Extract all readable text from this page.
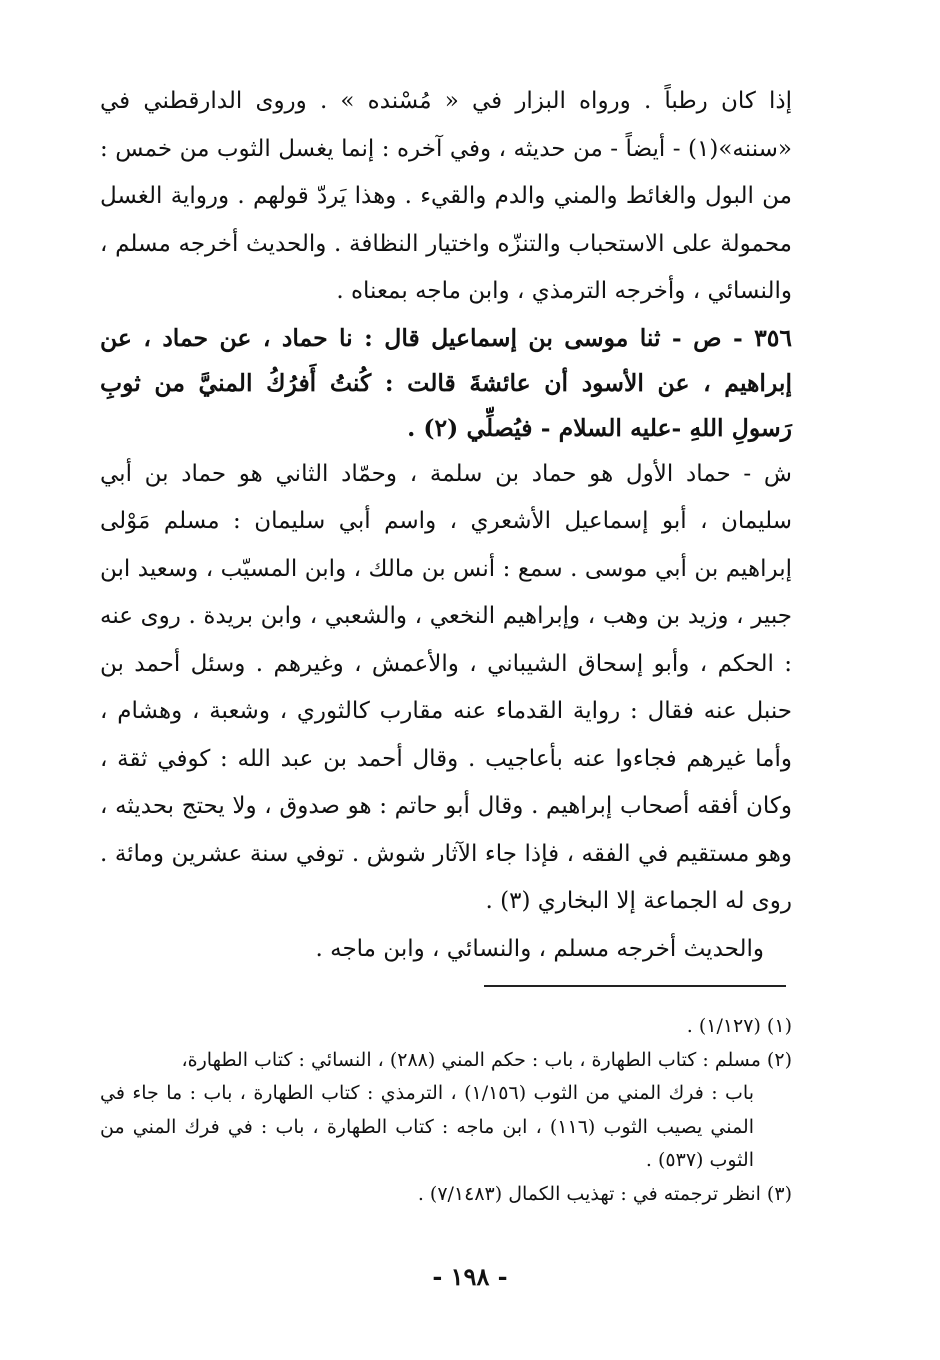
إذا كان رطباً . ورواه البزار في « مُسْنده » . وروى الدارقطني في «سننه»(١) - أيضاً - من حديثه ، وفي آخره : إنما يغسل الثوب من خمس : من البول والغائط والمني والدم والقيء . وهذا يَردّ قولهم . ورواية الغسل محمولة على الاستحباب والتنزّه واختيار النظافة . والحديث أخرجه مسلم ، والنسائي ، وأخرجه الترمذي ، وابن ماجه بمعناه .

٣٥٦ - ص - ثنا موسى بن إسماعيل قال : نا حماد ، عن حماد ، عن إبراهيم ، عن الأسود أن عائشةَ قالت : كُنتُ أَفرُكُ المنيَّ من ثوبِ رَسولِ اللهِ -عليه السلام - فيُصلِّي (٢) .

ش - حماد الأول هو حماد بن سلمة ، وحمّاد الثاني هو حماد بن أبي سليمان ، أبو إسماعيل الأشعري ، واسم أبي سليمان : مسلم مَوْلى إبراهيم بن أبي موسى . سمع : أنس بن مالك ، وابن المسيّب ، وسعيد ابن جبير ، وزيد بن وهب ، وإبراهيم النخعي ، والشعبي ، وابن بريدة . روى عنه : الحكم ، وأبو إسحاق الشيباني ، والأعمش ، وغيرهم . وسئل أحمد بن حنبل عنه فقال : رواية القدماء عنه مقارب كالثوري ، وشعبة ، وهشام ، وأما غيرهم فجاءوا عنه بأعاجيب . وقال أحمد بن عبد الله : كوفي ثقة ، وكان أفقه أصحاب إبراهيم . وقال أبو حاتم : هو صدوق ، ولا يحتج بحديثه ، وهو مستقيم في الفقه ، فإذا جاء الآثار شوش . توفي سنة عشرين ومائة . روى له الجماعة إلا البخاري (٣) .

والحديث أخرجه مسلم ، والنسائي ، وابن ماجه .

(١) (١/١٢٧) .

(٢) مسلم : كتاب الطهارة ، باب : حكم المني (٢٨٨) ، النسائي : كتاب الطهارة،

باب : فرك المني من الثوب (١/١٥٦) ، الترمذي : كتاب الطهارة ، باب : ما جاء في المني يصيب الثوب (١١٦) ، ابن ماجه : كتاب الطهارة ، باب : في فرك المني من الثوب (٥٣٧) .

(٣) انظر ترجمته في : تهذيب الكمال (٧/١٤٨٣) .

- ١٩٨ -
